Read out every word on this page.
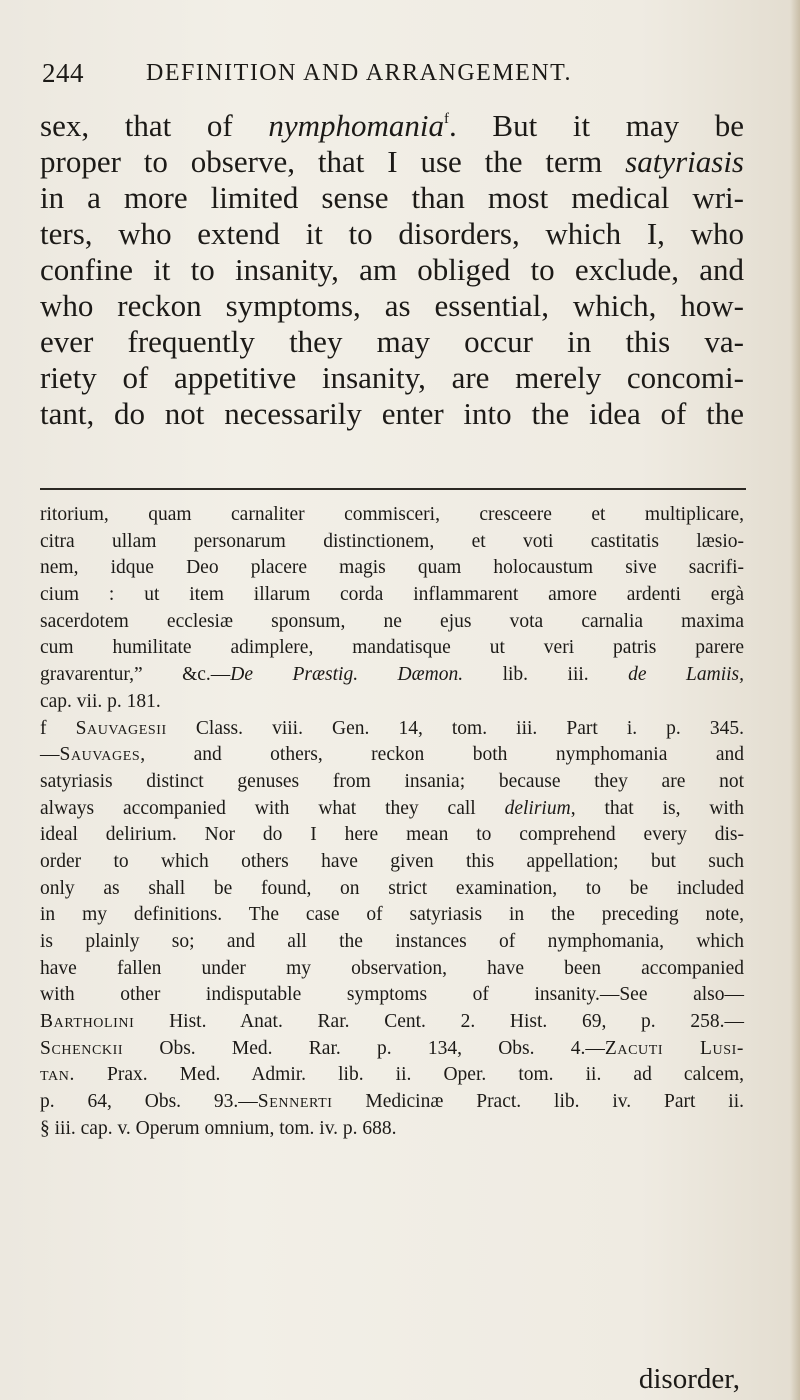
244	DEFINITION AND ARRANGEMENT.
sex, that of nymphomania$^f$. But it may be
proper to observe, that I use the term satyriasis
in a more limited sense than most medical wri-
ters, who extend it to disorders, which I, who
confine it to insanity, am obliged to exclude, and
who reckon symptoms, as essential, which, how-
ever frequently they may occur in this va-
riety of appetitive insanity, are merely concomi-
tant, do not necessarily enter into the idea of the
ritorium, quam carnaliter commisceri, cresceere et multiplicare,
citra ullam personarum distinctionem, et voti castitatis læsio-
nem, idque Deo placere magis quam holocaustum sive sacrifi-
cium : ut item illarum corda inflammarent amore ardenti ergà
sacerdotem ecclesiæ sponsum, ne ejus vota carnalia maxima
cum humilitate adimplere, mandatisque ut veri patris parere
gravarentur,” &c.—De Præstig. Dæmon. lib. iii. de Lamiis,
cap. vii. p. 181.
f Sauvagesii Class. viii. Gen. 14, tom. iii. Part i. p. 345.
—Sauvages, and others, reckon both nymphomania and
satyriasis distinct genuses from insania; because they are not
always accompanied with what they call delirium, that is, with
ideal delirium. Nor do I here mean to comprehend every dis-
order to which others have given this appellation; but such
only as shall be found, on strict examination, to be included
in my definitions. The case of satyriasis in the preceding note,
is plainly so; and all the instances of nymphomania, which
have fallen under my observation, have been accompanied
with other indisputable symptoms of insanity.—See also—
Bartholini Hist. Anat. Rar. Cent. 2. Hist. 69, p. 258.—
Schenckii Obs. Med. Rar. p. 134, Obs. 4.—Zacuti Lusi-
tan. Prax. Med. Admir. lib. ii. Oper. tom. ii. ad calcem,
p. 64, Obs. 93.—Sennerti Medicinæ Pract. lib. iv. Part ii.
§ iii. cap. v. Operum omnium, tom. iv. p. 688.
disorder,
